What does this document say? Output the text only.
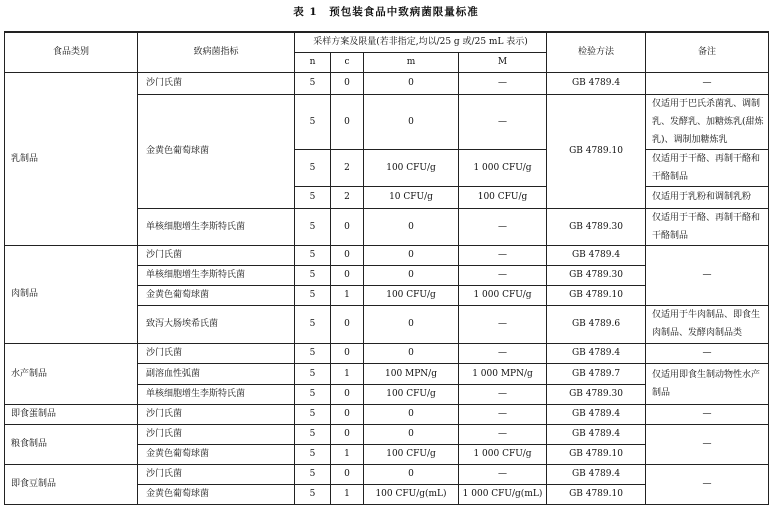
表 1　预包装食品中致病菌限量标准
食品类别	致病菌指标	采样方案及限量(若非指定,均以/25 g 或/25 mL 表示)				检验方法	备注
		n	c	m	M		
乳制品	沙门氏菌	5	0	0	—	GB 4789.4	—
	金黄色葡萄球菌	5	0	0	—	GB 4789.10	仅适用于巴氏杀菌乳、调制乳、发酵乳、加糖炼乳(甜炼乳)、调制加糖炼乳
		5	2	100 CFU/g	1 000 CFU/g		仅适用于干酪、再制干酪和干酪制品
		5	2	10 CFU/g	100 CFU/g		仅适用于乳粉和调制乳粉
	单核细胞增生李斯特氏菌	5	0	0	—	GB 4789.30	仅适用于干酪、再制干酪和干酪制品
肉制品	沙门氏菌	5	0	0	—	GB 4789.4	—
	单核细胞增生李斯特氏菌	5	0	0	—	GB 4789.30	
	金黄色葡萄球菌	5	1	100 CFU/g	1 000 CFU/g	GB 4789.10	
	致泻大肠埃希氏菌	5	0	0	—	GB 4789.6	仅适用于牛肉制品、即食生肉制品、发酵肉制品类
水产制品	沙门氏菌	5	0	0	—	GB 4789.4	—
	副溶血性弧菌	5	1	100 MPN/g	1 000 MPN/g	GB 4789.7	仅适用即食生制动物性水产制品
	单核细胞增生李斯特氏菌	5	0	100 CFU/g	—	GB 4789.30	
即食蛋制品	沙门氏菌	5	0	0	—	GB 4789.4	—
粮食制品	沙门氏菌	5	0	0	—	GB 4789.4	—
	金黄色葡萄球菌	5	1	100 CFU/g	1 000 CFU/g	GB 4789.10	
即食豆制品	沙门氏菌	5	0	0	—	GB 4789.4	—
	金黄色葡萄球菌	5	1	100 CFU/g(mL)	1 000 CFU/g(mL)	GB 4789.10	
